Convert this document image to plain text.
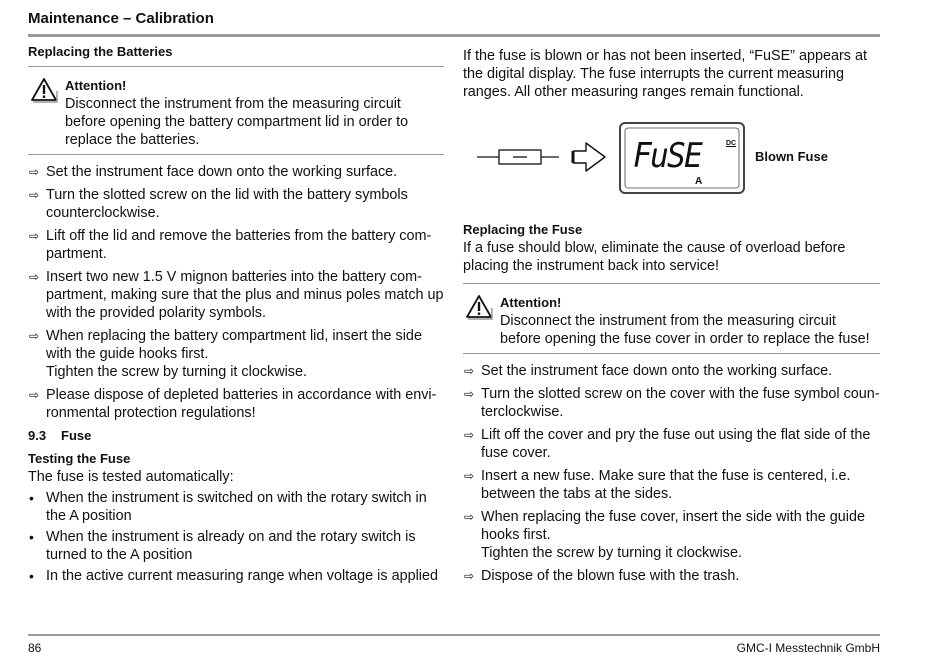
Maintenance – Calibration
Replacing the Batteries
Attention!

Disconnect the instrument from the measuring circuit before opening the battery compartment lid in order to replace the batteries.

⇨ Set the instrument face down onto the working surface.
⇨ Turn the slotted screw on the lid with the battery symbols counterclockwise.
⇨ Lift off the lid and remove the batteries from the battery com-partment.
⇨ Insert two new 1.5 V mignon batteries into the battery com-partment, making sure that the plus and minus poles match up with the provided polarity symbols.
⇨ When replacing the battery compartment lid, insert the side with the guide hooks first.
Tighten the screw by turning it clockwise.
⇨ Please dispose of depleted batteries in accordance with envi-ronmental protection regulations!
9.3 Fuse
Testing the Fuse

The fuse is tested automatically:

• When the instrument is switched on with the rotary switch in the A position
• When the instrument is already on and the rotary switch is turned to the A position
• In the active current measuring range when voltage is applied

If the fuse is blown or has not been inserted, “FuSE” appears at the digital display. The fuse interrupts the current measuring ranges. All other measuring ranges remain functional.

FuSE
A
DC
Blown Fuse
Replacing the Fuse

If a fuse should blow, eliminate the cause of overload before placing the instrument back into service!

Attention!

Disconnect the instrument from the measuring circuit before opening the fuse cover in order to replace the fuse!

⇨ Set the instrument face down onto the working surface.
⇨ Turn the slotted screw on the cover with the fuse symbol coun-terclockwise.
⇨ Lift off the cover and pry the fuse out using the flat side of the fuse cover.
⇨ Insert a new fuse. Make sure that the fuse is centered, i.e. between the tabs at the sides.
⇨ When replacing the fuse cover, insert the side with the guide hooks first.
Tighten the screw by turning it clockwise.
⇨ Dispose of the blown fuse with the trash.
86	GMC-I Messtechnik GmbH
